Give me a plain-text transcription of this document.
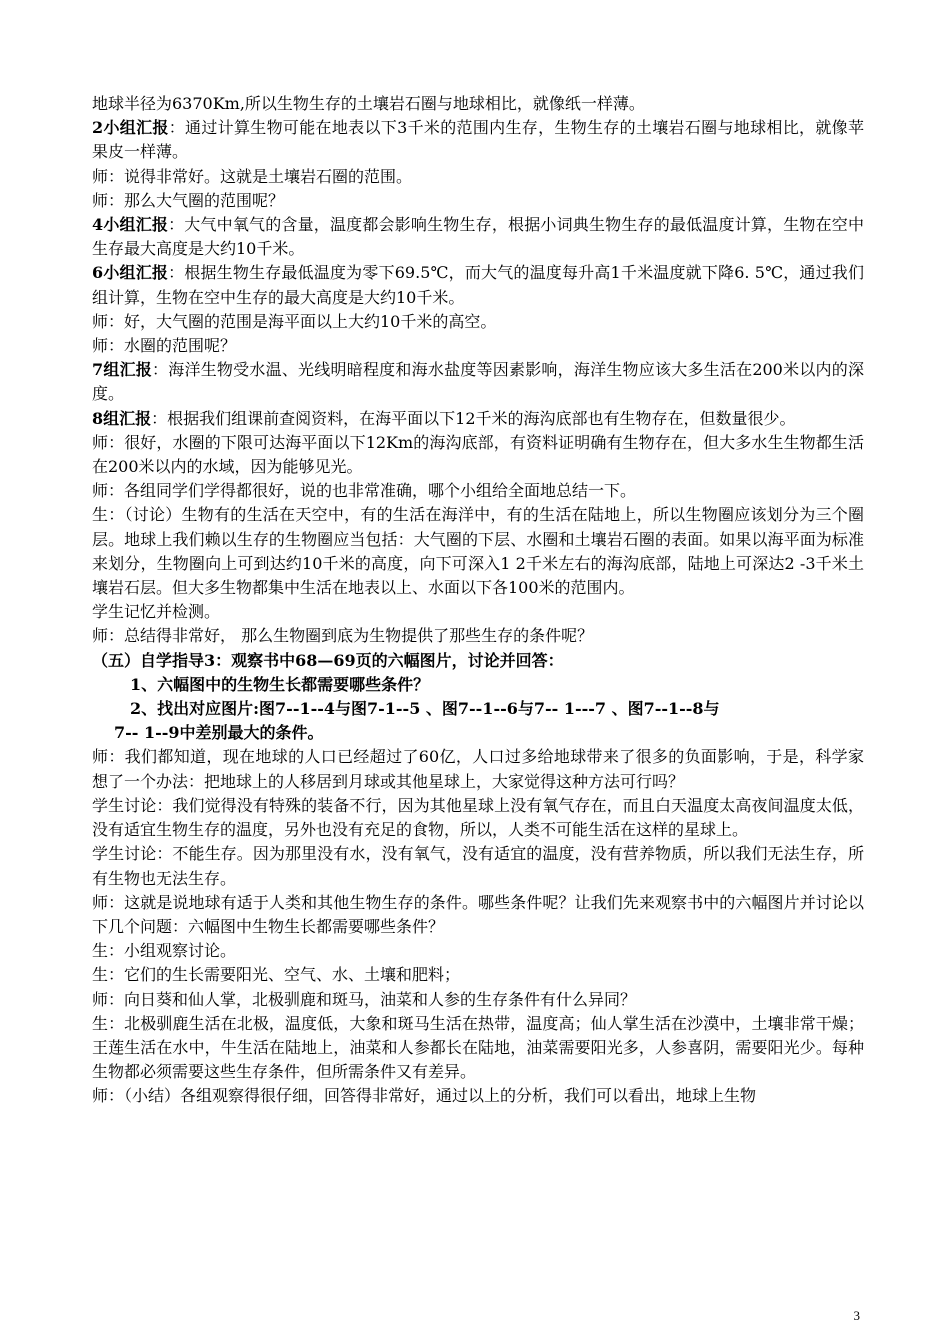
地球半径为6370Km,所以生物生存的土壤岩石圈与地球相比，就像纸一样薄。

2小组汇报：通过计算生物可能在地表以下3千米的范围内生存，生物生存的土壤岩石圈与地球相比，就像苹果皮一样薄。

师：说得非常好。这就是土壤岩石圈的范围。

师：那么大气圈的范围呢？

4小组汇报：大气中氧气的含量，温度都会影响生物生存，根据小词典生物生存的最低温度计算，生物在空中生存最大高度是大约10千米。

6小组汇报：根据生物生存最低温度为零下69.5℃，而大气的温度每升高1千米温度就下降6. 5℃，通过我们组计算，生物在空中生存的最大高度是大约10千米。

师：好，大气圈的范围是海平面以上大约10千米的高空。

师：水圈的范围呢？

7组汇报：海洋生物受水温、光线明暗程度和海水盐度等因素影响，海洋生物应该大多生活在200米以内的深度。

8组汇报：根据我们组课前查阅资料，在海平面以下12千米的海沟底部也有生物存在，但数量很少。

师：很好，水圈的下限可达海平面以下12Km的海沟底部，有资料证明确有生物存在，但大多水生生物都生活在200米以内的水域，因为能够见光。

师：各组同学们学得都很好，说的也非常准确，哪个小组给全面地总结一下。

生：（讨论）生物有的生活在天空中，有的生活在海洋中，有的生活在陆地上，所以生物圈应该划分为三个圈层。地球上我们赖以生存的生物圈应当包括：大气圈的下层、水圈和土壤岩石圈的表面。如果以海平面为标准来划分，生物圈向上可到达约10千米的高度，向下可深入1 2千米左右的海沟底部，陆地上可深达2 -3千米土壤岩石层。但大多生物都集中生活在地表以上、水面以下各100米的范围内。

学生记忆并检测。

师：总结得非常好， 那么生物圈到底为生物提供了那些生存的条件呢？

（五）自学指导3：观察书中68—69页的六幅图片，讨论并回答：

1、六幅图中的生物生长都需要哪些条件？

2、找出对应图片:图7--1--4与图7-1--5 、图7--1--6与7-- 1---7 、图7--1--8与

7-- 1--9中差别最大的条件。

师：我们都知道，现在地球的人口已经超过了60亿，人口过多给地球带来了很多的负面影响，于是，科学家想了一个办法：把地球上的人移居到月球或其他星球上，大家觉得这种方法可行吗？

学生讨论：我们觉得没有特殊的装备不行，因为其他星球上没有氧气存在，而且白天温度太高夜间温度太低，没有适宜生物生存的温度，另外也没有充足的食物，所以，人类不可能生活在这样的星球上。

学生讨论：不能生存。因为那里没有水，没有氧气，没有适宜的温度，没有营养物质，所以我们无法生存，所有生物也无法生存。

师：这就是说地球有适于人类和其他生物生存的条件。哪些条件呢？让我们先来观察书中的六幅图片并讨论以下几个问题：六幅图中生物生长都需要哪些条件？

生：小组观察讨论。

生：它们的生长需要阳光、空气、水、土壤和肥料；

师：向日葵和仙人掌，北极驯鹿和斑马，油菜和人参的生存条件有什么异同？

生：北极驯鹿生活在北极，温度低，大象和斑马生活在热带，温度高；仙人掌生活在沙漠中，土壤非常干燥；王莲生活在水中，牛生活在陆地上，油菜和人参都长在陆地，油菜需要阳光多，人参喜阴，需要阳光少。每种生物都必须需要这些生存条件，但所需条件又有差异。

师：（小结）各组观察得很仔细，回答得非常好，通过以上的分析，我们可以看出，地球上生物

3
